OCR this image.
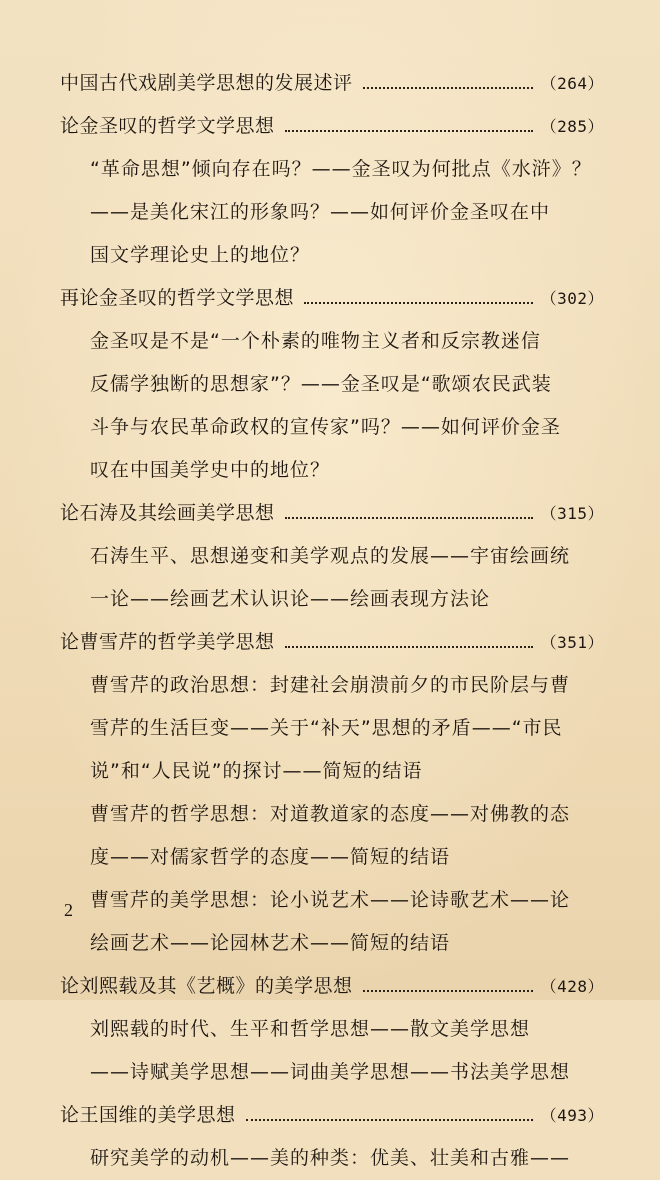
中国古代戏剧美学思想的发展述评	（264）
论金圣叹的哲学文学思想	（285）
“革命思想”倾向存在吗？——金圣叹为何批点《水浒》？
——是美化宋江的形象吗？——如何评价金圣叹在中
国文学理论史上的地位？
再论金圣叹的哲学文学思想	（302）
金圣叹是不是“一个朴素的唯物主义者和反宗教迷信
反儒学独断的思想家”？——金圣叹是“歌颂农民武装
斗争与农民革命政权的宣传家”吗？——如何评价金圣
叹在中国美学史中的地位？
论石涛及其绘画美学思想	（315）
石涛生平、思想递变和美学观点的发展——宇宙绘画统
一论——绘画艺术认识论——绘画表现方法论
论曹雪芹的哲学美学思想	（351）
曹雪芹的政治思想：封建社会崩溃前夕的市民阶层与曹
雪芹的生活巨变——关于“补天”思想的矛盾——“市民
说”和“人民说”的探讨——简短的结语
曹雪芹的哲学思想：对道教道家的态度——对佛教的态
度——对儒家哲学的态度——简短的结语
曹雪芹的美学思想：论小说艺术——论诗歌艺术——论
绘画艺术——论园林艺术——简短的结语
论刘熙载及其《艺概》的美学思想	（428）
刘熙载的时代、生平和哲学思想——散文美学思想
——诗赋美学思想——词曲美学思想——书法美学思想
论王国维的美学思想	（493）
研究美学的动机——美的种类：优美、壮美和古雅——
2
